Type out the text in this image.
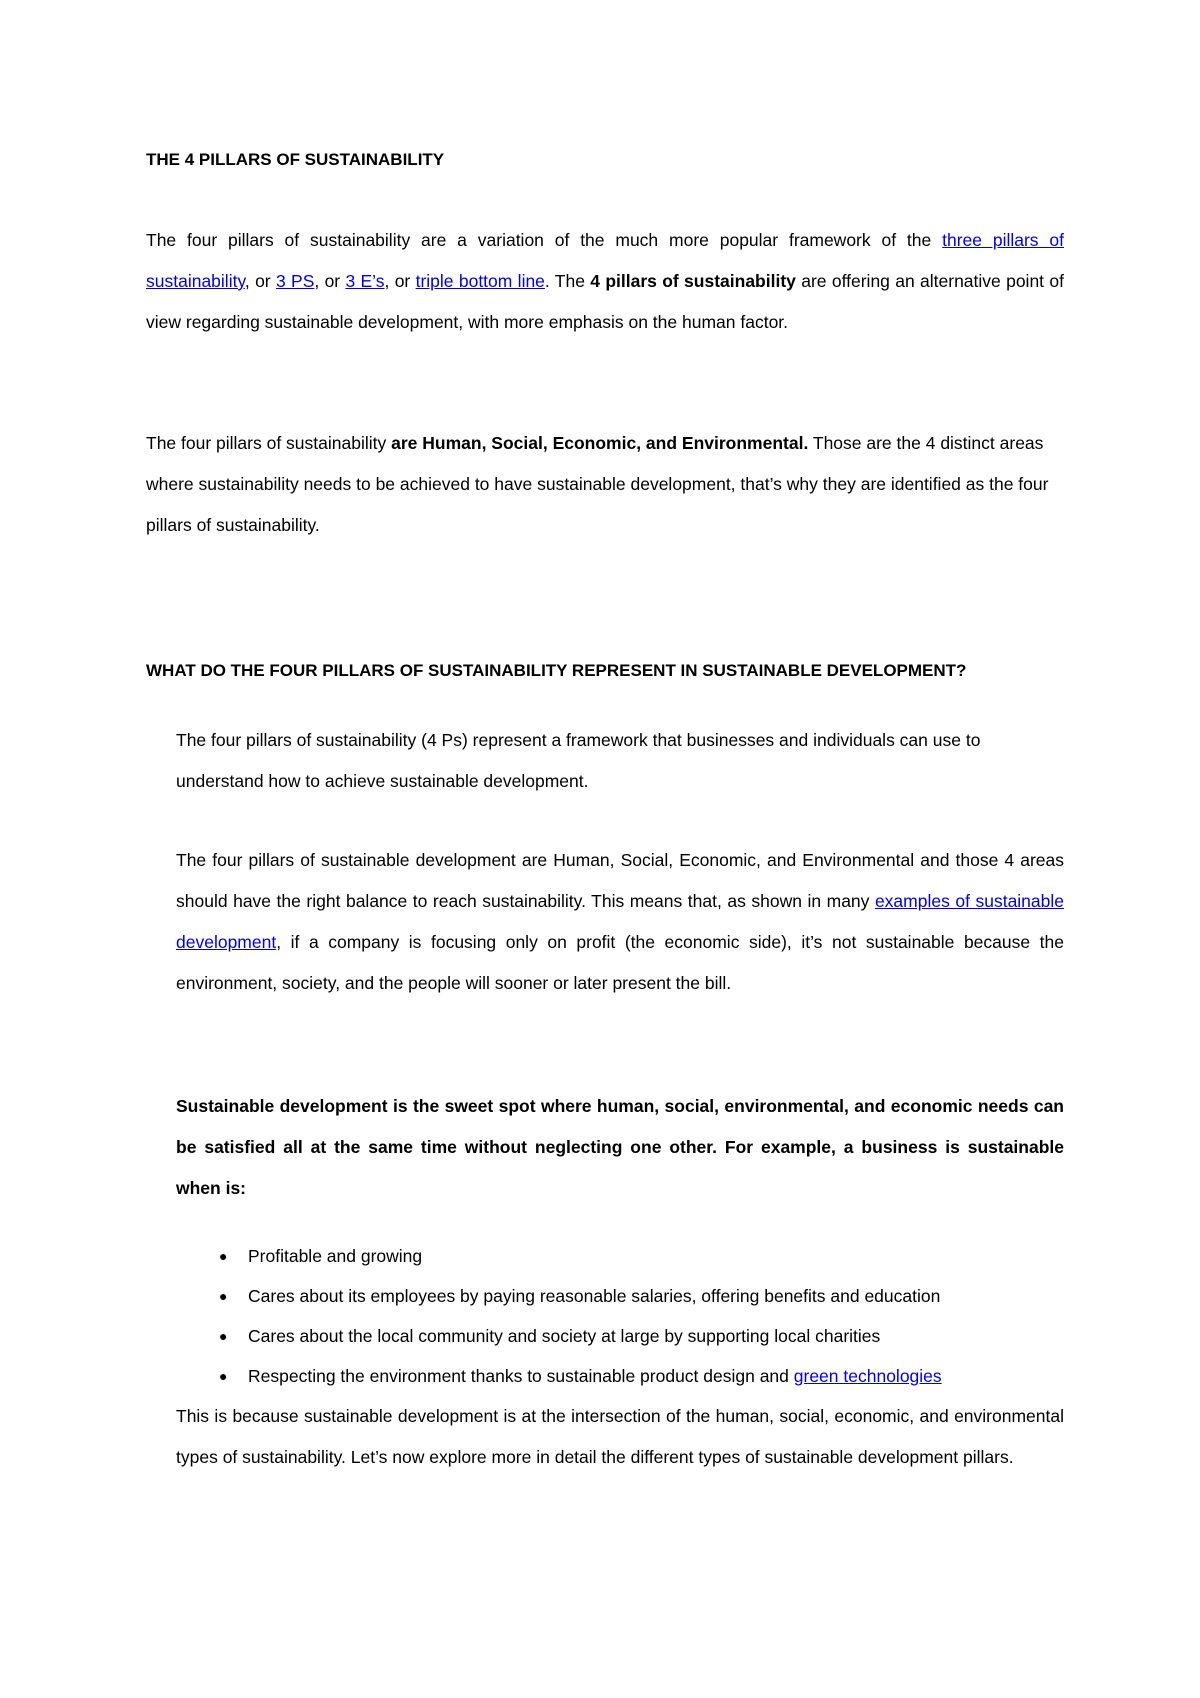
THE 4 PILLARS OF SUSTAINABILITY

The four pillars of sustainability are a variation of the much more popular framework of the three pillars of sustainability, or 3 PS, or 3 E’s, or triple bottom line. The 4 pillars of sustainability are offering an alternative point of view regarding sustainable development, with more emphasis on the human factor.

The four pillars of sustainability are Human, Social, Economic, and Environmental. Those are the 4 distinct areas where sustainability needs to be achieved to have sustainable development, that’s why they are identified as the four pillars of sustainability.

WHAT DO THE FOUR PILLARS OF SUSTAINABILITY REPRESENT IN SUSTAINABLE DEVELOPMENT?

The four pillars of sustainability (4 Ps) represent a framework that businesses and individuals can use to understand how to achieve sustainable development.

The four pillars of sustainable development are Human, Social, Economic, and Environmental and those 4 areas should have the right balance to reach sustainability. This means that, as shown in many examples of sustainable development, if a company is focusing only on profit (the economic side), it’s not sustainable because the environment, society, and the people will sooner or later present the bill.

Sustainable development is the sweet spot where human, social, environmental, and economic needs can be satisfied all at the same time without neglecting one other. For example, a business is sustainable when is:

● Profitable and growing
● Cares about its employees by paying reasonable salaries, offering benefits and education
● Cares about the local community and society at large by supporting local charities
● Respecting the environment thanks to sustainable product design and green technologies

This is because sustainable development is at the intersection of the human, social, economic, and environmental types of sustainability. Let’s now explore more in detail the different types of sustainable development pillars.
